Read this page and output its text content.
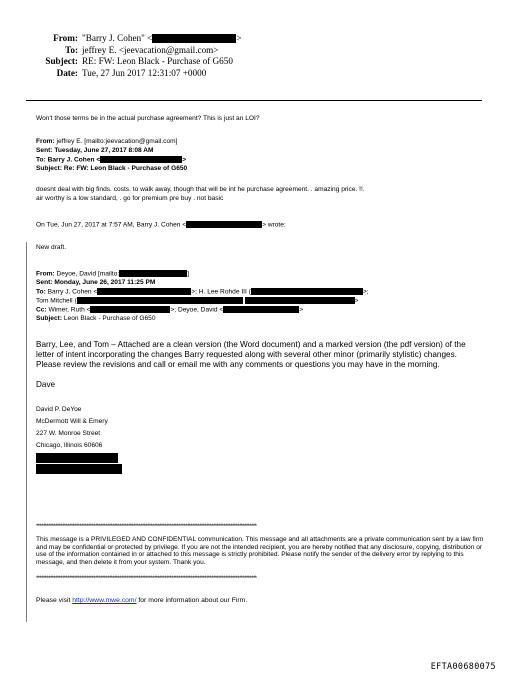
From: "Barry J. Cohen" <	>
To: jeffrey E. <jeevacation@gmail.com>
Subject: RE: FW: Leon Black - Purchase of G650
Date: Tue, 27 Jun 2017 12:31:07 +0000
Won't those terms be in the actual purchase agreement? This is just an LOI?
From: jeffrey E. [mailto:jeevacation@gmail.com]
Sent: Tuesday, June 27, 2017 8:08 AM
To: Barry J. Cohen <	>
Subject: Re: FW: Leon Black - Purchase of G650
doesnt deal with big finds. costs. to walk away, though that will be int he purchase agreement. . amazing price. !!.
air worthy is a low standard, . go for premium pre buy . not basic
On Tue, Jun 27, 2017 at 7:57 AM, Barry J. Cohen <	> wrote:
New draft.
From: Deyoe, David [mailto:	]
Sent: Monday, June 26, 2017 11:25 PM
To: Barry J. Cohen <	>; H. Lee Rohde III (	>;
Tom Mitchell (	>
Cc: Wimer, Ruth <	>; Deyoe, David <	>
Subject: Leon Black - Purchase of G650
Barry, Lee, and Tom – Attached are a clean version (the Word document) and a marked version (the pdf version) of the letter of intent incorporating the changes Barry requested along with several other minor (primarily stylistic) changes. Please review the revisions and call or email me with any comments or questions you may have in the morning.
Dave
David P. DeYoe
McDermott Will & Emery
227 W. Monroe Street
Chicago, Illinois 60606
*******************************************************************************************************************************
This message is a PRIVILEGED AND CONFIDENTIAL communication. This message and all attachments are a private communication sent by a law firm and may be confidential or protected by privilege. If you are not the intended recipient, you are hereby notified that any disclosure, copying, distribution or use of the information contained in or attached to this message is strictly prohibited. Please notify the sender of the delivery error by replying to this message, and then delete it from your system. Thank you.
*******************************************************************************************************************************
Please visit http://www.mwe.com/ for more information about our Firm.
EFTA00680075
